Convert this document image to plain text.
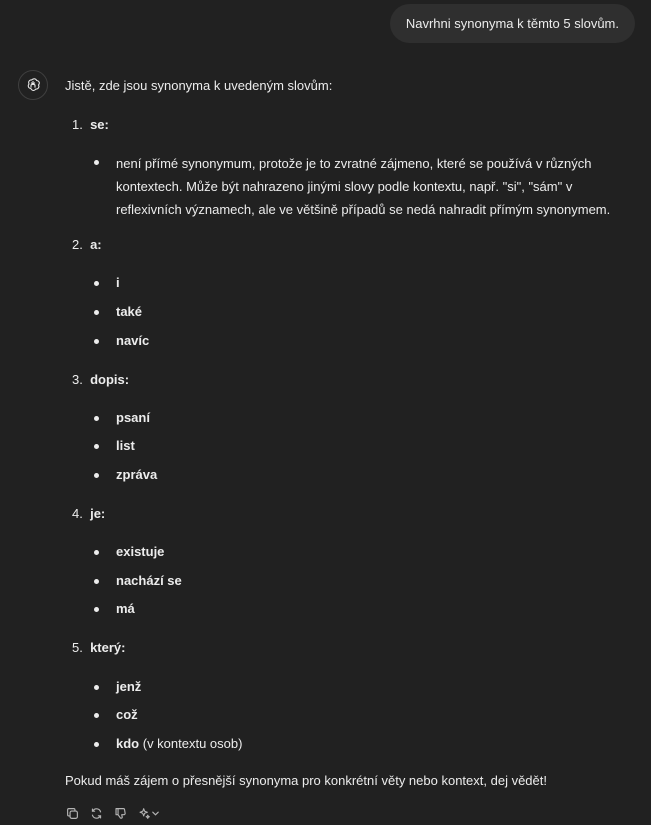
Navrhni synonyma k těmto 5 slovům.
Jistě, zde jsou synonyma k uvedeným slovům:
1. se:
není přímé synonymum, protože je to zvratné zájmeno, které se používá v různých kontextech. Může být nahrazeno jinými slovy podle kontextu, např. "si", "sám" v reflexivních významech, ale ve většině případů se nedá nahradit přímým synonymem.
2. a:
i
také
navíc
3. dopis:
psaní
list
zpráva
4. je:
existuje
nachází se
má
5. který:
jenž
což
kdo (v kontextu osob)
Pokud máš zájem o přesnější synonyma pro konkrétní věty nebo kontext, dej vědět!
